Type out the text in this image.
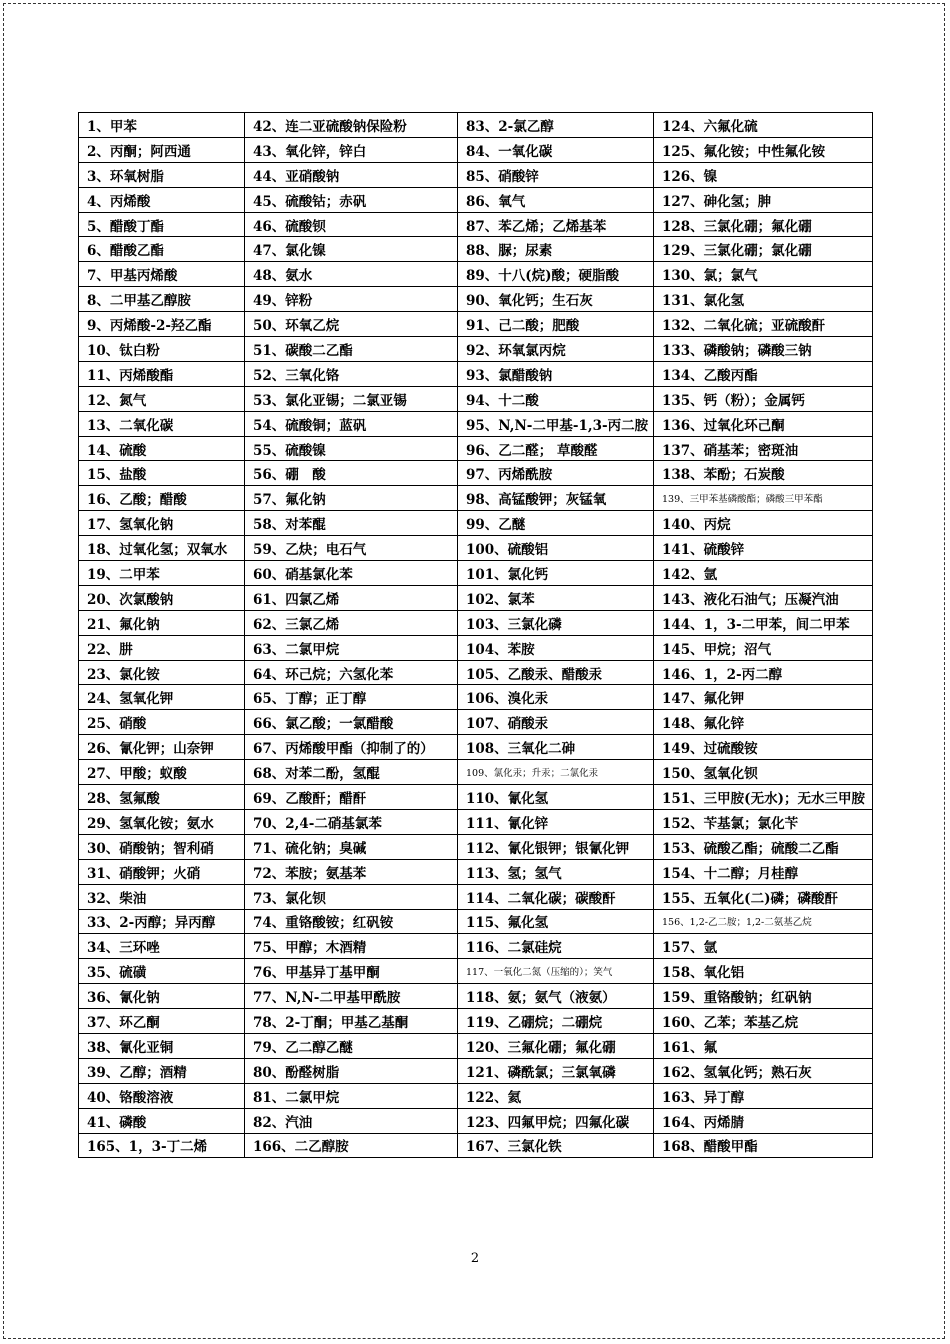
1、甲苯	42、连二亚硫酸钠保险粉	83、2-氯乙醇	124、六氟化硫
2、丙酮；阿西通	43、氧化锌，锌白	84、一氧化碳	125、氟化铵；中性氟化铵
3、环氧树脂	44、亚硝酸钠	85、硝酸锌	126、镍
4、丙烯酸	45、硫酸钴；赤矾	86、氧气	127、砷化氢；胂
5、醋酸丁酯	46、硫酸钡	87、苯乙烯；乙烯基苯	128、三氯化硼；氟化硼
6、醋酸乙酯	47、氯化镍	88、脲；尿素	129、三氯化硼；氯化硼
7、甲基丙烯酸	48、氨水	89、十八(烷)酸；硬脂酸	130、氯；氯气
8、二甲基乙醇胺	49、锌粉	90、氧化钙；生石灰	131、氯化氢
9、丙烯酸-2-羟乙酯	50、环氧乙烷	91、己二酸；肥酸	132、二氧化硫；亚硫酸酐
10、钛白粉	51、碳酸二乙酯	92、环氧氯丙烷	133、磷酸钠；磷酸三钠
11、丙烯酸酯	52、三氧化铬	93、氯醋酸钠	134、乙酸丙酯
12、氮气	53、氯化亚锡；二氯亚锡	94、十二酸	135、钙（粉）；金属钙
13、二氧化碳	54、硫酸铜；蓝矾	95、N,N-二甲基-1,3-丙二胺	136、过氧化环己酮
14、硫酸	55、硫酸镍	96、乙二醛； 草酸醛	137、硝基苯；密斑油
15、盐酸	56、硼　酸	97、丙烯酰胺	138、苯酚；石炭酸
16、乙酸；醋酸	57、氟化钠	98、高锰酸钾；灰锰氧	139、三甲苯基磷酸酯；磷酸三甲苯酯
17、氢氧化钠	58、对苯醌	99、乙醚	140、丙烷
18、过氧化氢；双氧水	59、乙炔；电石气	100、硫酸铝	141、硫酸锌
19、二甲苯	60、硝基氯化苯	101、氯化钙	142、氩
20、次氯酸钠	61、四氯乙烯	102、氯苯	143、液化石油气；压凝汽油
21、氟化钠	62、三氯乙烯	103、三氯化磷	144、1，3-二甲苯，间二甲苯
22、肼	63、二氯甲烷	104、苯胺	145、甲烷；沼气
23、氯化铵	64、环己烷；六氢化苯	105、乙酸汞、醋酸汞	146、1，2-丙二醇
24、氢氧化钾	65、丁醇；正丁醇	106、溴化汞	147、氟化钾
25、硝酸	66、氯乙酸；一氯醋酸	107、硝酸汞	148、氟化锌
26、氰化钾；山奈钾	67、丙烯酸甲酯（抑制了的）	108、三氧化二砷	149、过硫酸铵
27、甲酸；蚁酸	68、对苯二酚，氢醌	109、氯化汞；升汞；二氯化汞	150、氢氧化钡
28、氢氟酸	69、乙酸酐；醋酐	110、氰化氢	151、三甲胺(无水)；无水三甲胺
29、氢氧化铵；氨水	70、2,4-二硝基氯苯	111、氰化锌	152、苄基氯；氯化苄
30、硝酸钠；智利硝	71、硫化钠；臭碱	112、氰化银钾；银氰化钾	153、硫酸乙酯；硫酸二乙酯
31、硝酸钾；火硝	72、苯胺；氨基苯	113、氢；氢气	154、十二醇；月桂醇
32、柴油	73、氯化钡	114、二氧化碳；碳酸酐	155、五氧化(二)磷；磷酸酐
33、2-丙醇；异丙醇	74、重铬酸铵；红矾铵	115、氟化氢	156、1,2-乙二胺；1,2-二氨基乙烷
34、三环唑	75、甲醇；木酒精	116、二氯硅烷	157、氩
35、硫磺	76、甲基异丁基甲酮	117、一氧化二氮（压缩的）；笑气	158、氧化铝
36、氰化钠	77、N,N-二甲基甲酰胺	118、氨；氨气（液氨）	159、重铬酸钠；红矾钠
37、环乙酮	78、2-丁酮；甲基乙基酮	119、乙硼烷；二硼烷	160、乙苯；苯基乙烷
38、氰化亚铜	79、乙二醇乙醚	120、三氟化硼；氟化硼	161、氟
39、乙醇；酒精	80、酚醛树脂	121、磷酰氯；三氯氧磷	162、氢氧化钙；熟石灰
40、铬酸溶液	81、二氯甲烷	122、氦	163、异丁醇
41、磷酸	82、汽油	123、四氟甲烷；四氟化碳	164、丙烯腈
165、1，3-丁二烯	166、二乙醇胺	167、三氯化铁	168、醋酸甲酯
2
